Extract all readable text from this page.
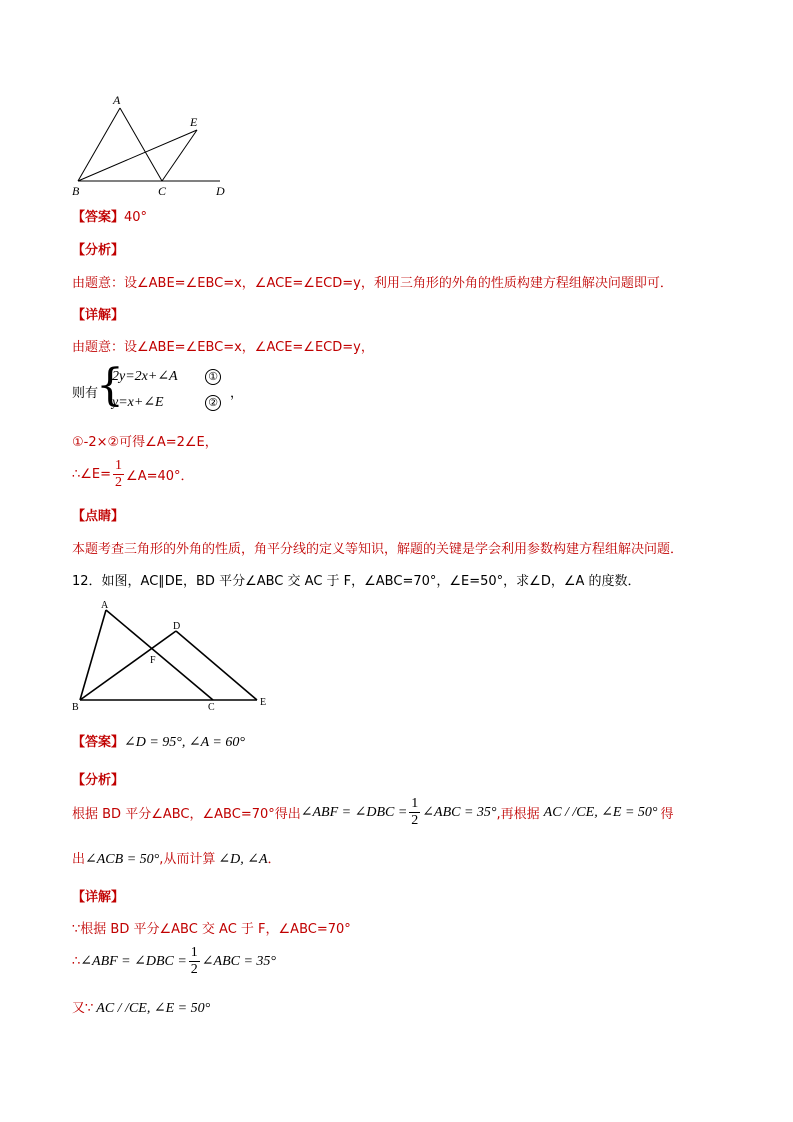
A
E
B	C	D
【答案】40°
【分析】
由题意：设∠ABE=∠EBC=x，∠ACE=∠ECD=y，利用三角形的外角的性质构建方程组解决问题即可．
【详解】
由题意：设∠ABE=∠EBC=x，∠ACE=∠ECD=y，
则有
{
2y=2x+∠A	①
y=x+∠E	②
，
①-2×②可得∠A=2∠E，
∴∠E= $\frac{1}{2}$ ∠A=40°．
【点睛】
本题考查三角形的外角的性质，角平分线的定义等知识，解题的关键是学会利用参数构建方程组解决问题．
12．如图，AC∥DE，BD 平分∠ABC 交 AC 于 F，∠ABC=70°，∠E=50°，求∠D，∠A 的度数．
A
D
F
B	C	E
【答案】∠D = 95°, ∠A = 60°
【分析】
根据 BD 平分∠ABC，∠ABC=70°得出∠ABF = ∠DBC = $\frac{1}{2}$ ∠ABC = 35°,再根据 AC / /CE, ∠E = 50° 得
出∠ACB = 50°,从而计算 ∠D, ∠A．
【详解】
∵根据 BD 平分∠ABC 交 AC 于 F，∠ABC=70°
∴∠ABF = ∠DBC = $\frac{1}{2}$ ∠ABC = 35°
又∵ AC / /CE, ∠E = 50°
